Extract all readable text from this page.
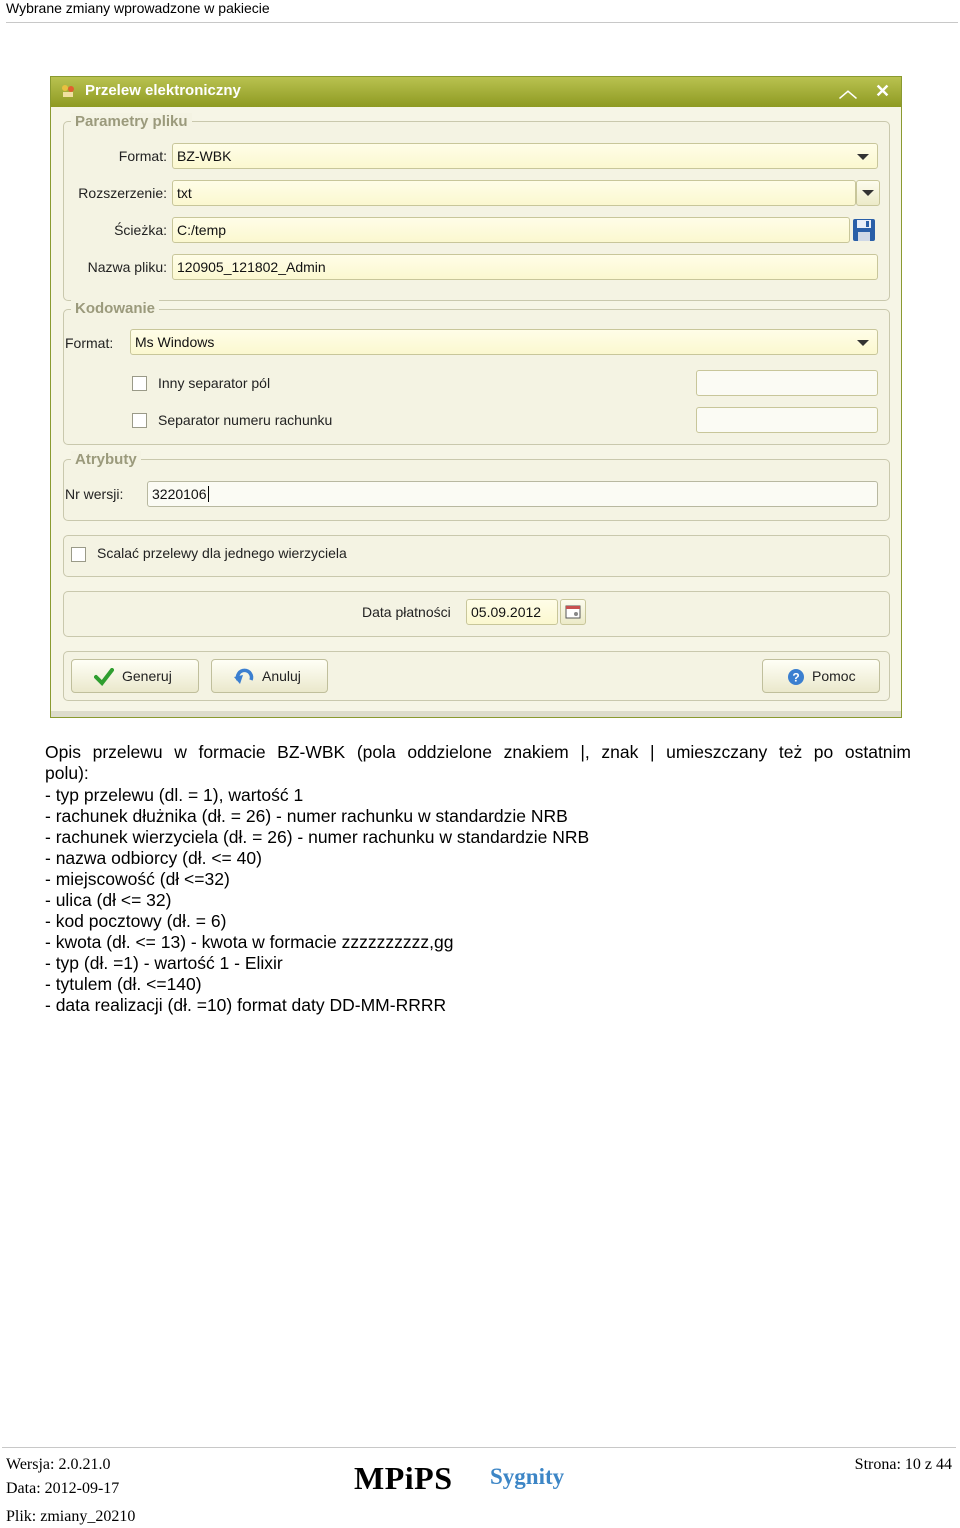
Wybrane zmiany wprowadzone w pakiecie
Przelew elektroniczny	︿ ✕
Parametry pliku
Format: BZ-WBK
Rozszerzenie: txt
Ścieżka: C:/temp
Nazwa pliku: 120905_121802_Admin
Kodowanie
Format:	Ms Windows
Inny separator pól
Separator numeru rachunku
Atrybuty
Nr wersji:	3220106
Scalać przelewy dla jednego wierzyciela
Data płatności	05.09.2012
Generuj	Anuluj	? Pomoc
Opis przelewu w formacie BZ-WBK (pola oddzielone znakiem |, znak | umieszczany też po ostatnim
polu):
- typ przelewu (dl. = 1), wartość 1
- rachunek dłużnika (dł. = 26) - numer rachunku w standardzie NRB
- rachunek wierzyciela (dł. = 26) - numer rachunku w standardzie NRB
- nazwa odbiorcy (dł. <= 40)
- miejscowość (dł <=32)
- ulica (dł <= 32)
- kod pocztowy (dł. = 6)
- kwota (dł. <= 13) - kwota w formacie zzzzzzzzzz,gg
- typ (dł. =1) - wartość 1 - Elixir
- tytulem (dł. <=140)
- data realizacji (dł. =10) format daty DD-MM-RRRR
Wersja: 2.0.21.0
Data: 2012-09-17
Plik: zmiany_20210
MPiPS Sygnity	Strona: 10 z 44
